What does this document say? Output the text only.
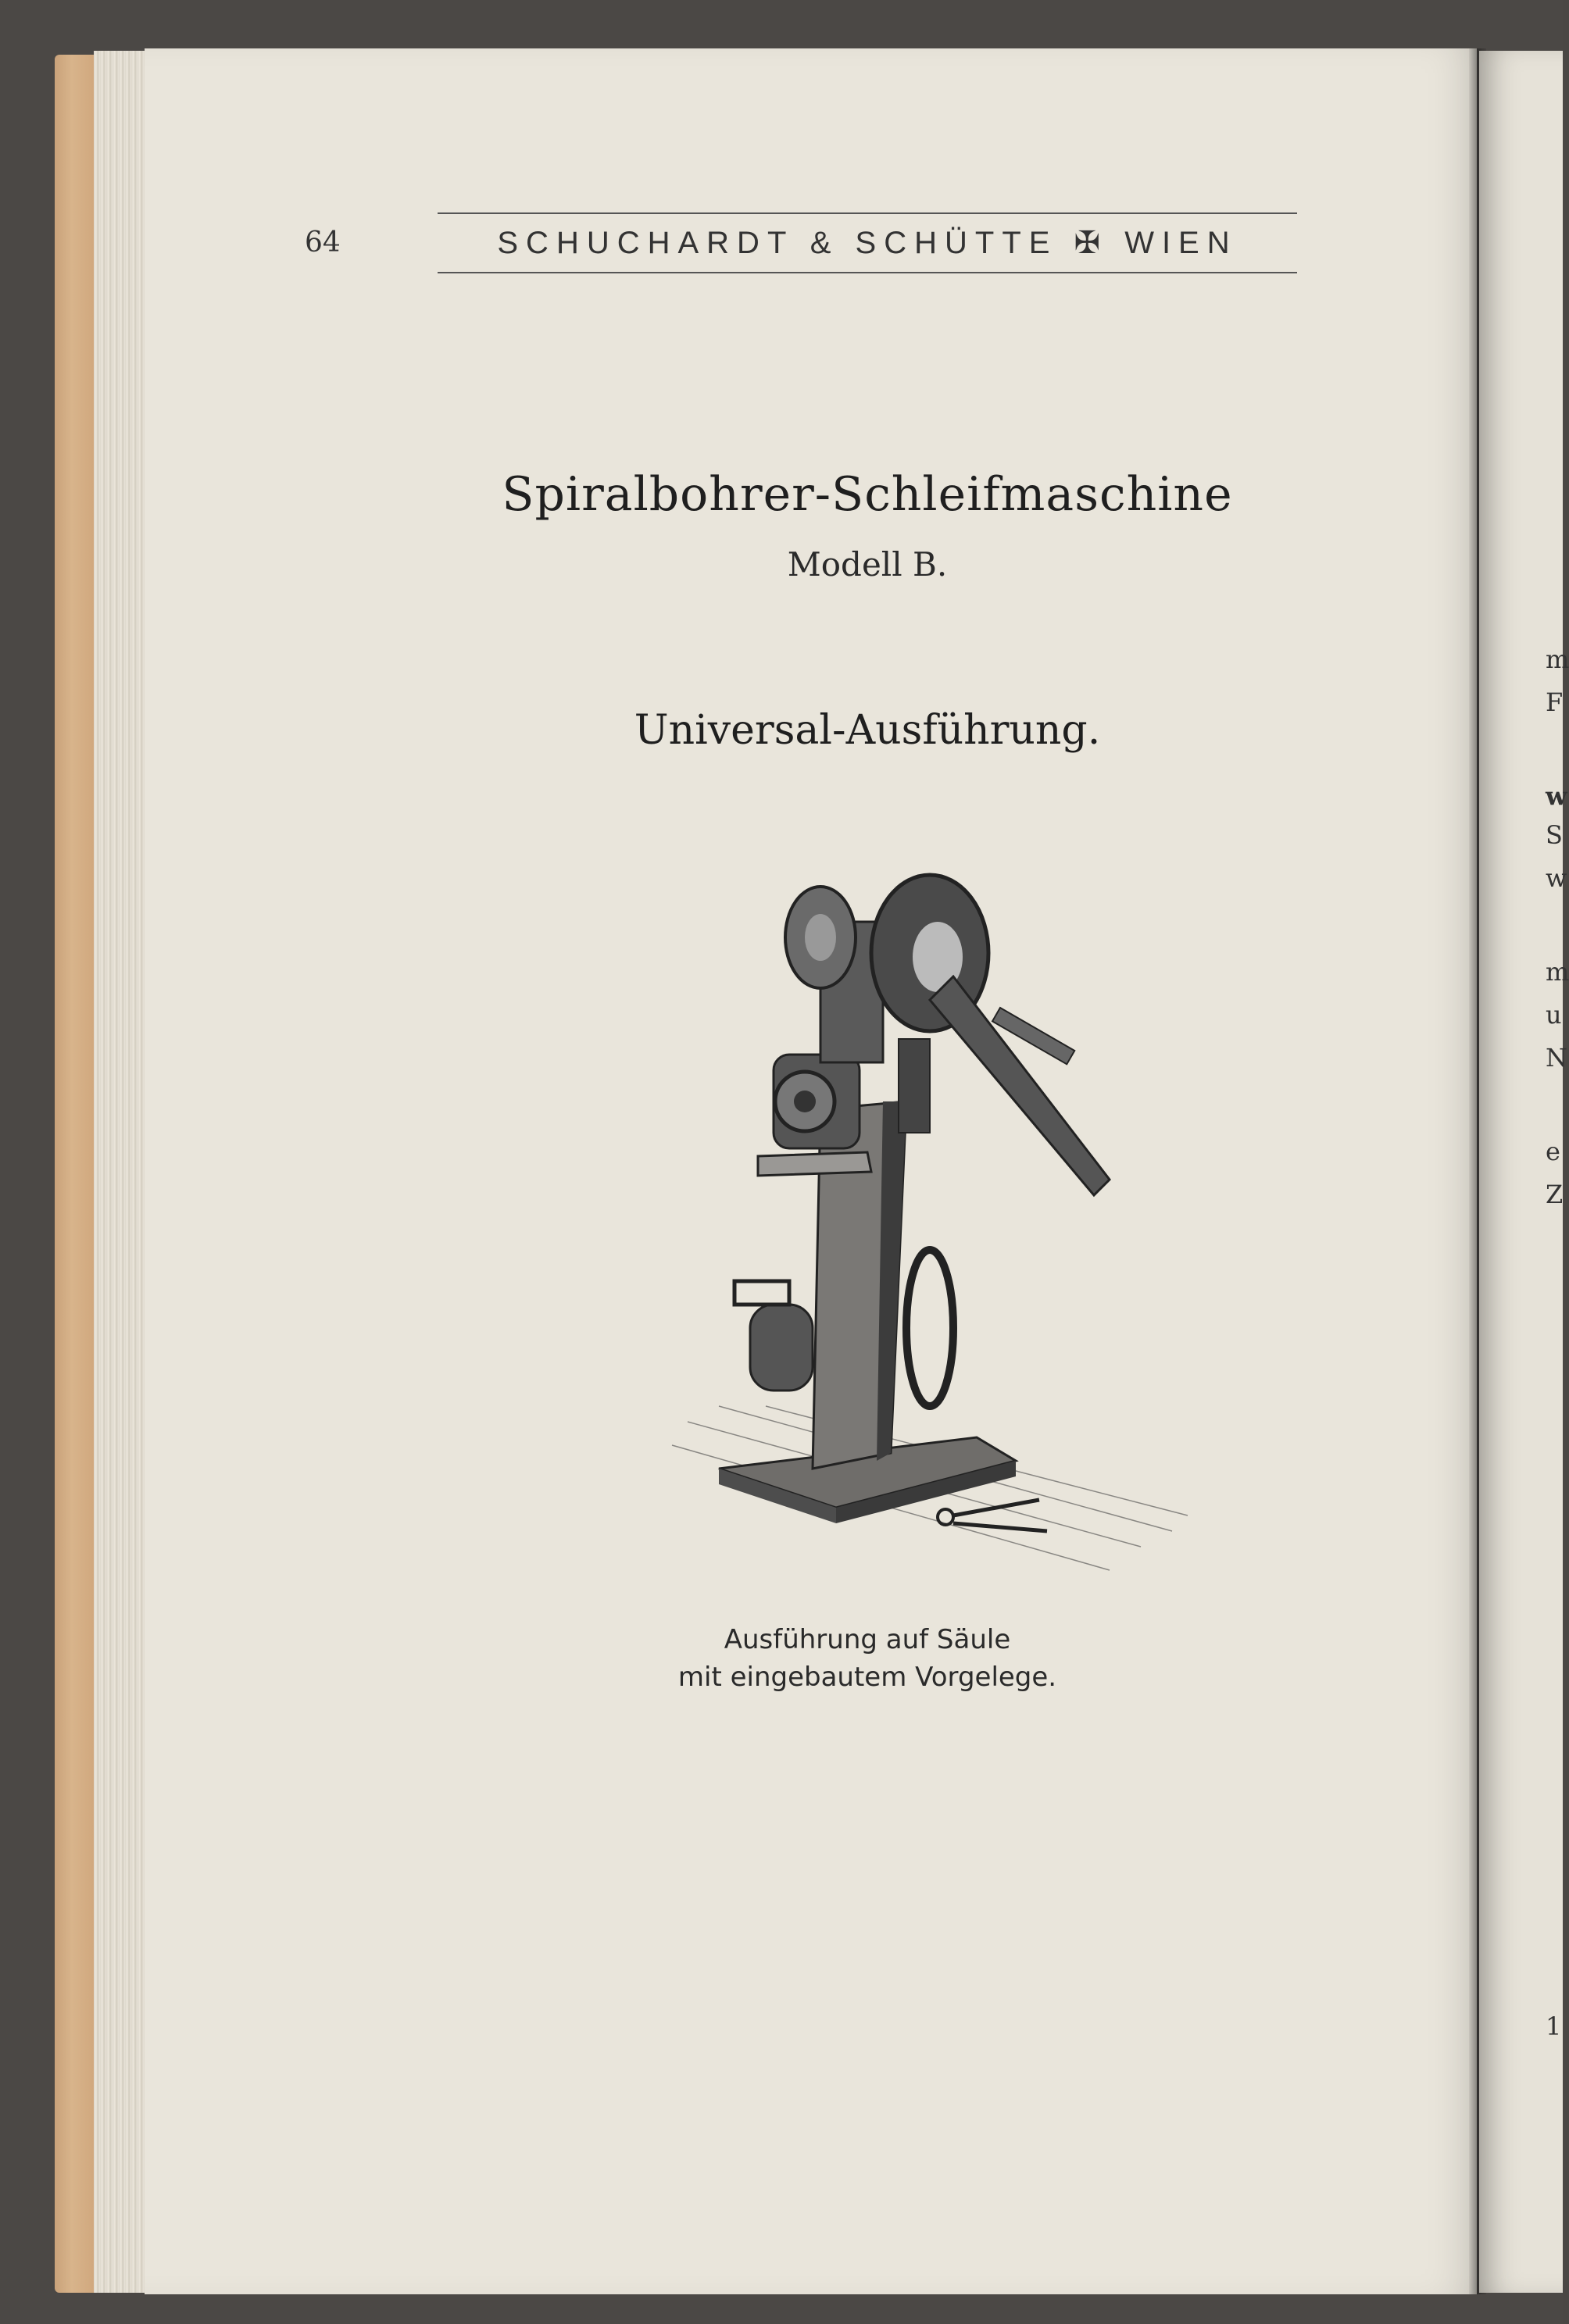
64	SCHUCHARDT & SCHÜTTE ✠ WIEN
Spiralbohrer-Schleifmaschine
Modell B.
Universal-Ausführung.
Ausführung auf Säule
mit eingebautem Vorgelege.
m
F
w
S
w
m
u
N
e
Z
1
